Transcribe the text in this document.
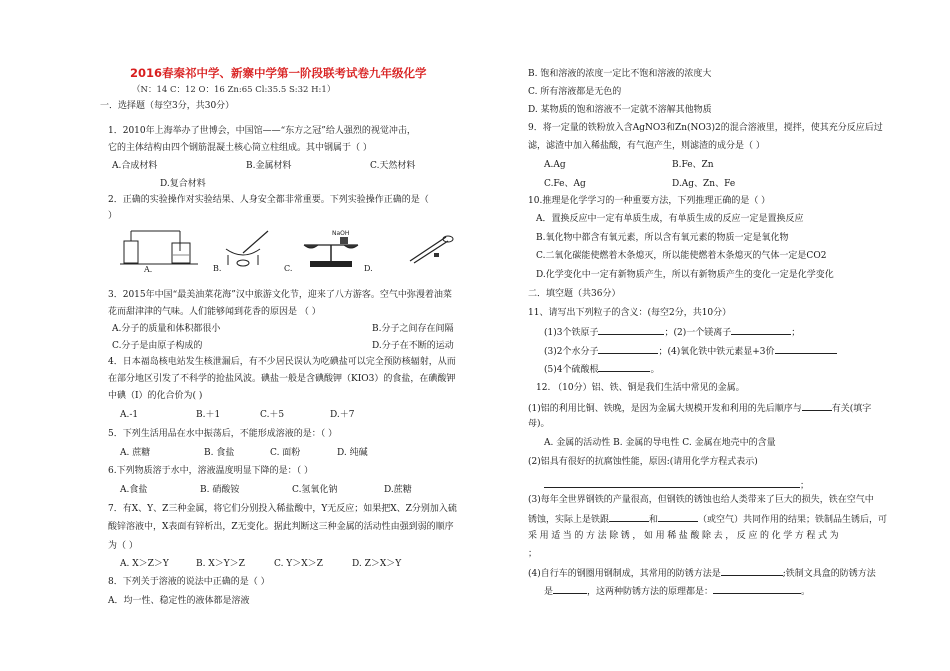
2016春秦祁中学、新寨中学第一阶段联考试卷九年级化学
（N：14 C：12 O：16 Zn:65 Cl:35.5 S:32 H:1）
一．选择题（每空3分，共30分）
1．2010年上海举办了世博会，中国馆——“东方之冠”给人强烈的视觉冲击，
它的主体结构由四个钢筋混凝土核心筒立柱组成。其中钢属于（ ）
A.合成材料	B.金属材料	C.天然材料
D.复合材料
2．正确的实验操作对实验结果、人身安全都非常重要。下列实验操作正确的是（
）
NaOH
A．	B.	C.	D.
3．2015年中国“最美油菜花海”汉中旅游文化节，迎来了八方游客。空气中弥漫着油菜
花而甜津津的气味。人们能够闻到花香的原因是 （ ）
A.分子的质量和体积都很小	B.分子之间存在间隔
C.分子是由原子构成的	D.分子在不断的运动
4．日本福岛核电站发生核泄漏后，有不少居民误认为吃碘盐可以完全预防核辐射，从而
在部分地区引发了不科学的抢盐风波。碘盐一般是含碘酸钾（KIO3）的食盐，在碘酸钾
中碘（I）的化合价为( )
A.-1	B.＋1	C.＋5	D.＋7
5．下列生活用品在水中振荡后，不能形成溶液的是：（ ）
A. 蔗糖	B. 食盐	C. 面粉	D. 纯碱
6.下列物质溶于水中，溶液温度明显下降的是：（ ）
A.食盐	B. 硝酸铵	C.氢氧化钠	D.蔗糖
7．有X、Y、Z三种金属，将它们分别投入稀盐酸中，Y无反应；如果把X、Z分别加入硫
酸锌溶液中，X表面有锌析出，Z无变化。据此判断这三种金属的活动性由强到弱的顺序
为（ ）
A. X＞Z＞Y	B. X＞Y＞Z	C. Y＞X＞Z	D. Z＞X＞Y
8．下列关于溶液的说法中正确的是（ ）
A．均一性、稳定性的液体都是溶液
B. 饱和溶液的浓度一定比不饱和溶液的浓度大
C. 所有溶液都是无色的
D. 某物质的饱和溶液不一定就不溶解其他物质
9．将一定量的铁粉放入含AgNO3和Zn(NO3)2的混合溶液里，搅拌，使其充分反应后过
滤，滤渣中加入稀盐酸，有气泡产生，则滤渣的成分是（ ）
A.Ag	B.Fe、Zn
C.Fe、Ag	D.Ag、Zn、Fe
10.推理是化学学习的一种重要方法，下列推理正确的是（ ）
A．置换反应中一定有单质生成，有单质生成的反应一定是置换反应
B.氧化物中都含有氧元素，所以含有氧元素的物质一定是氧化物
C.二氧化碳能使燃着木条熄灭，所以能使燃着木条熄灭的气体一定是CO2
D.化学变化中一定有新物质产生，所以有新物质产生的变化一定是化学变化
二．填空题（共36分）
11、请写出下列粒子的含义：(每空2分，共10分）
(1)3个铁原子	；(2)一个镁离子	；
(3)2个水分子	；(4)氧化铁中铁元素显+3价
(5)4个硫酸根	。
12. （10分）铝、铁、铜是我们生活中常见的金属。
(1)铝的利用比铜、铁晚，是因为金属大规模开发和利用的先后顺序与	有关(填字
母)。
A. 金属的活动性 B. 金属的导电性 C. 金属在地壳中的含量
(2)铝具有很好的抗腐蚀性能，原因:(请用化学方程式表示)
；
(3)每年全世界钢铁的产量很高，但钢铁的锈蚀也给人类带来了巨大的损失，铁在空气中
锈蚀，实际上是铁跟	和	（或空气）共同作用的结果；铁制品生锈后，可
采用适当的方法除锈，如用稀盐酸除去，反应的化学方程式为
；
(4)自行车的钢圈用钢制成，其常用的防锈方法是	;铁制文具盒的防锈方法
是	，这两种防锈方法的原理都是：	。
